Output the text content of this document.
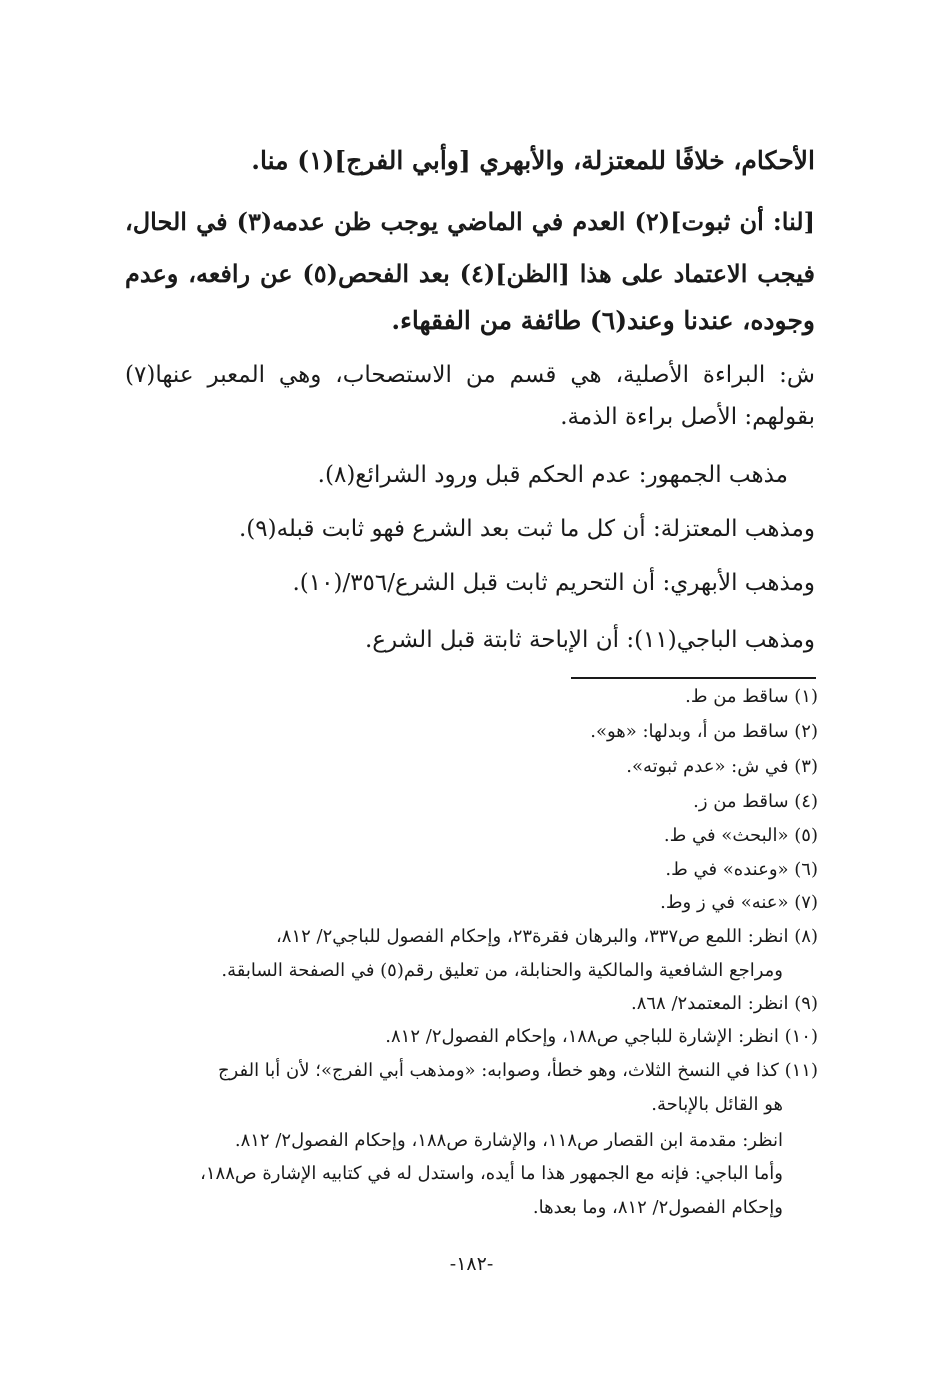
الأحكام، خلافًا للمعتزلة، والأبهري [وأبي الفرج](١) منا.
[لنا: أن ثبوت](٢) العدم في الماضي يوجب ظن عدمه(٣) في الحال،
فيجب الاعتماد على هذا [الظن](٤) بعد الفحص(٥) عن رافعه، وعدم
وجوده، عندنا وعند(٦) طائفة من الفقهاء.
ش: البراءة الأصلية، هي قسم من الاستصحاب، وهي المعبر عنها(٧)
بقولهم: الأصل براءة الذمة.
مذهب الجمهور: عدم الحكم قبل ورود الشرائع(٨).
ومذهب المعتزلة: أن كل ما ثبت بعد الشرع فهو ثابت قبله(٩).
ومذهب الأبهري: أن التحريم ثابت قبل الشرع/٣٥٦/(١٠).
ومذهب الباجي(١١): أن الإباحة ثابتة قبل الشرع.
(١) ساقط من ط.
(٢) ساقط من أ، وبدلها: «هو».
(٣) في ش: «عدم ثبوته».
(٤) ساقط من ز.
(٥) «البحث» في ط.
(٦) «وعنده» في ط.
(٧) «عنه» في ز وط.
(٨) انظر: اللمع ص٣٣٧، والبرهان فقرة٢٣، وإحكام الفصول للباجي٢/ ٨١٢،
ومراجع الشافعية والمالكية والحنابلة، من تعليق رقم(٥) في الصفحة السابقة.
(٩) انظر: المعتمد٢/ ٨٦٨.
(١٠) انظر: الإشارة للباجي ص١٨٨، وإحكام الفصول٢/ ٨١٢.
(١١) كذا في النسخ الثلاث، وهو خطأ، وصوابه: «ومذهب أبي الفرج»؛ لأن أبا الفرج
هو القائل بالإباحة.
انظر: مقدمة ابن القصار ص١١٨، والإشارة ص١٨٨، وإحكام الفصول٢/ ٨١٢.
وأما الباجي: فإنه مع الجمهور هذا ما أيده، واستدل له في كتابيه الإشارة ص١٨٨،
وإحكام الفصول٢/ ٨١٢، وما بعدها.
-١٨٢-
